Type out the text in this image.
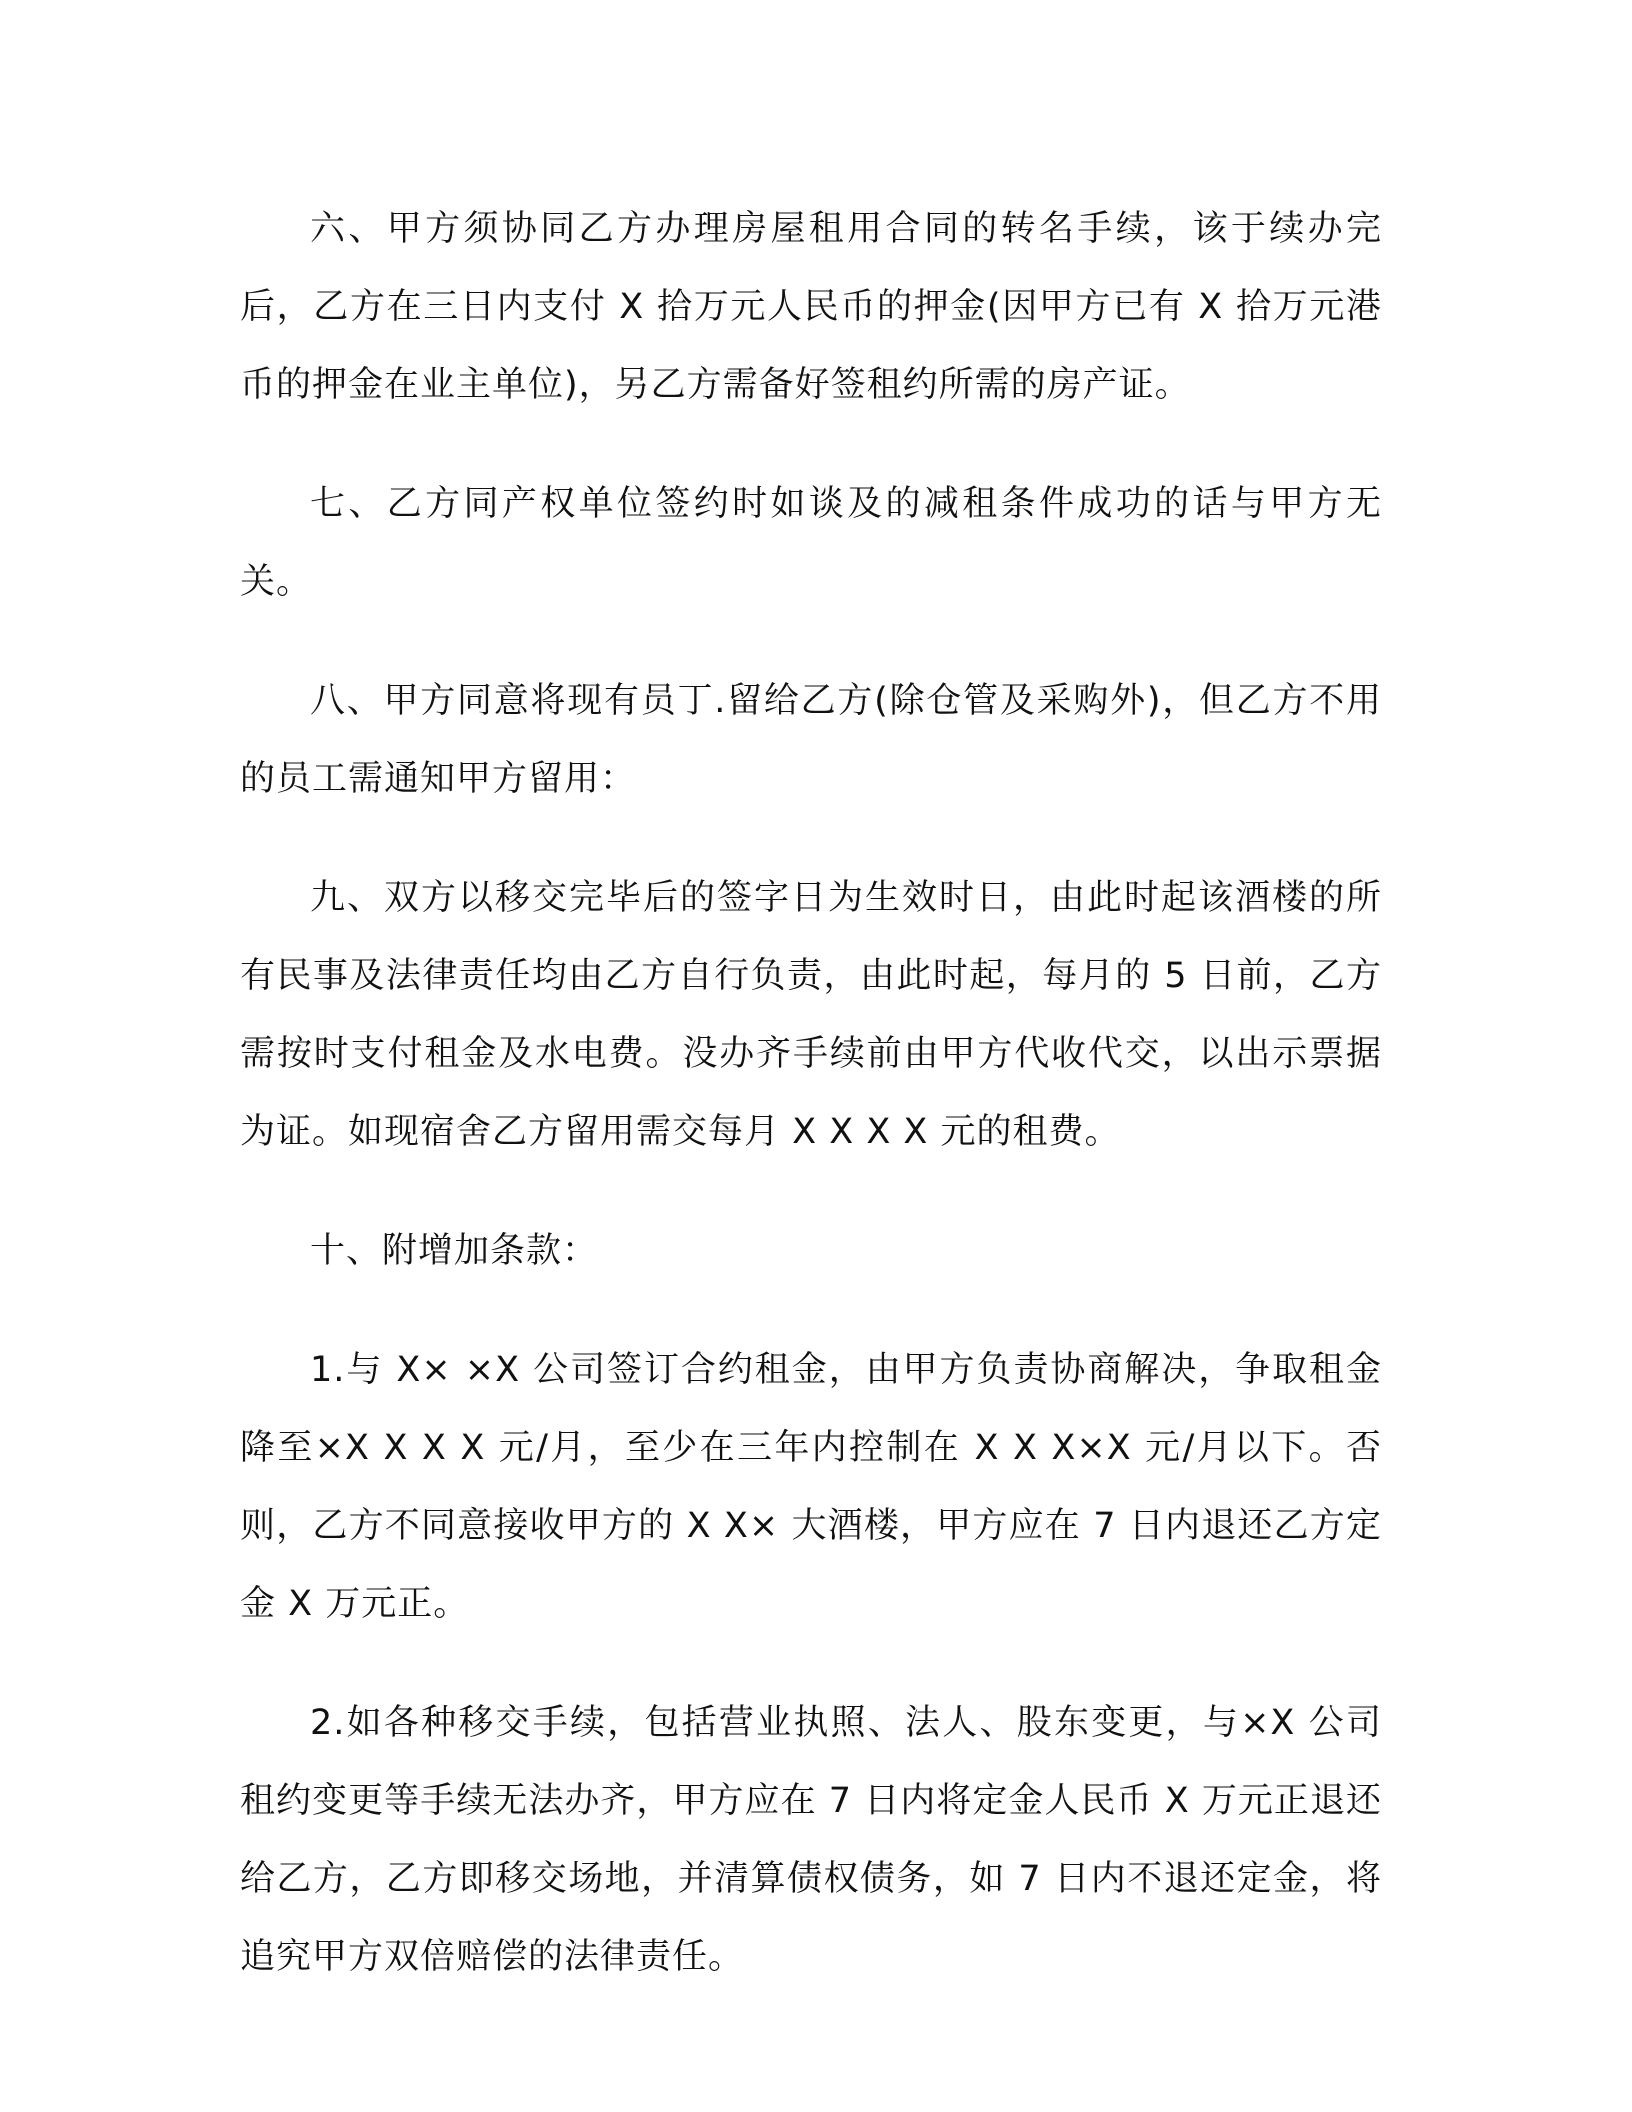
六、甲方须协同乙方办理房屋租用合同的转名手续，该于续办完后，乙方在三日内支付 X 拾万元人民币的押金(因甲方已有 X 拾万元港币的押金在业主单位)，另乙方需备好签租约所需的房产证。

七、乙方同产权单位签约时如谈及的减租条件成功的话与甲方无关。

八、甲方同意将现有员丁.留给乙方(除仓管及采购外)，但乙方不用的员工需通知甲方留用：

九、双方以移交完毕后的签字日为生效时日，由此时起该酒楼的所有民事及法律责任均由乙方自行负责，由此时起，每月的 5 日前，乙方需按时支付租金及水电费。没办齐手续前由甲方代收代交，以出示票据为证。如现宿舍乙方留用需交每月 X X X X 元的租费。

十、附增加条款：

1.与 X× ×X 公司签订合约租金，由甲方负责协商解决，争取租金降至×X X X X 元/月，至少在三年内控制在 X X X×X 元/月以下。否则，乙方不同意接收甲方的 X X× 大酒楼，甲方应在 7 日内退还乙方定金 X 万元正。

2.如各种移交手续，包括营业执照、法人、股东变更，与×X 公司租约变更等手续无法办齐，甲方应在 7 日内将定金人民币 X 万元正退还给乙方，乙方即移交场地，并清算债权债务，如 7 日内不退还定金，将追究甲方双倍赔偿的法律责任。
